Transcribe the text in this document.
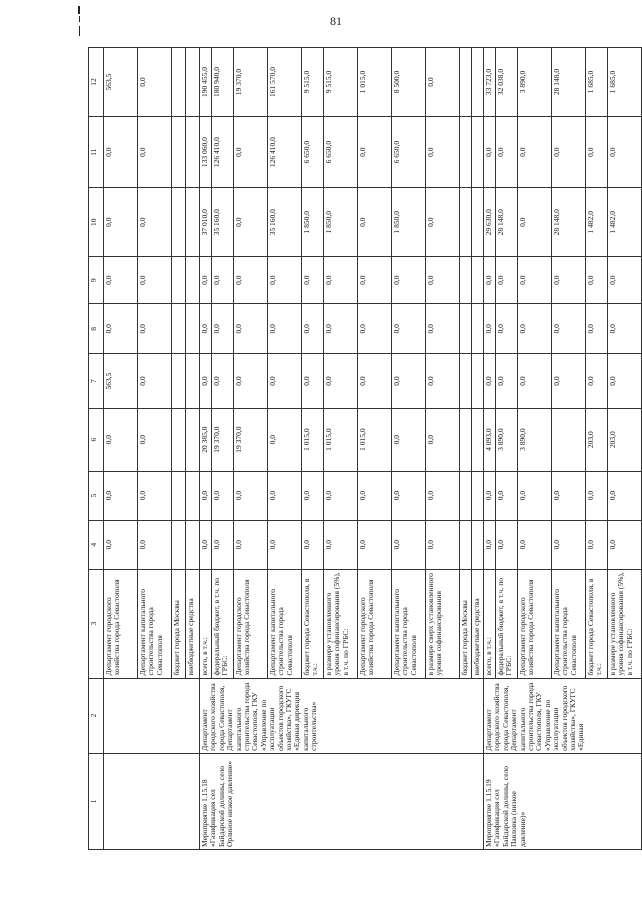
81
1	2	3	4	5	6	7	8	9	10	11	12
		Департамент городского хозяйства города Севастополя	0,0	0,0	0,0	563,5	0,0	0,0	0,0	0,0	563,5
		Департамент капитального строительства города Севастополя	0,0	0,0	0,0	0,0	0,0	0,0	0,0	0,0	0,0
		бюджет города Москвы									
		внебюджетные средства									
Мероприятие 1.15.18 «Газификация сел Байдарской долины, село Орлиное низкое давление»	Департамент городского хозяйства города Севастополя, Департамент капитального строительства города Севастополя, ГКУ «Управление по эксплуатации объектов городского хозяйства», ГКУГС «Единая дирекция капитального строительства»	всего, в т.ч.:	0,0	0,0	20 385,0	0,0	0,0	0,0	37 010,0	133 060,0	190 455,0
		федеральный бюджет, в т.ч. по ГРБС:	0,0	0,0	19 370,0	0,0	0,0	0,0	35 160,0	126 410,0	180 940,0
		Департамент городского хозяйства города Севастополя	0,0	0,0	19 370,0	0,0	0,0	0,0	0,0	0,0	19 370,0
		Департамент капитального строительства города Севастополя	0,0	0,0	0,0	0,0	0,0	0,0	35 160,0	126 410,0	161 570,0
		бюджет города Севастополя, в т.ч.:	0,0	0,0	1 015,0	0,0	0,0	0,0	1 850,0	6 650,0	9 515,0
		в размере установленного уровня софинансирования (5%), в т.ч. по ГРБС:	0,0	0,0	1 015,0	0,0	0,0	0,0	1 850,0	6 650,0	9 515,0
		Департамент городского хозяйства города Севастополя	0,0	0,0	1 015,0	0,0	0,0	0,0	0,0	0,0	1 015,0
		Департамент капитального строительства города Севастополя	0,0	0,0	0,0	0,0	0,0	0,0	1 850,0	6 650,0	8 500,0
		в размере сверх установленного уровня софинансирования	0,0	0,0	0,0	0,0	0,0	0,0	0,0	0,0	0,0
		бюджет города Москвы									
		внебюджетные средства									
Мероприятие 1.15.19 «Газификация сел Байдарской долины, село Павловка (низкое давление)»	Департамент городского хозяйства города Севастополя, Департамент капитального строительства города Севастополя, ГКУ «Управление по эксплуатации объектов городского хозяйства», ГКУГС «Единая	всего, в т.ч.:	0,0	0,0	4 093,0	0,0	0,0	0,0	29 630,0	0,0	33 723,0
		федеральный бюджет, в т.ч. по ГРБС:	0,0	0,0	3 890,0	0,0	0,0	0,0	28 148,0	0,0	32 038,0
		Департамент городского хозяйства города Севастополя	0,0	0,0	3 890,0	0,0	0,0	0,0	0,0	0,0	3 890,0
		Департамент капитального строительства города Севастополя	0,0	0,0		0,0	0,0	0,0	28 148,0	0,0	28 148,0
		бюджет города Севастополя, в т.ч.:	0,0	0,0	203,0	0,0	0,0	0,0	1 482,0	0,0	1 685,0
		в размере установленного уровня софинансирования (5%), в т.ч. по ГРБС:	0,0	0,0	203,0	0,0	0,0	0,0	1 482,0	0,0	1 685,0
